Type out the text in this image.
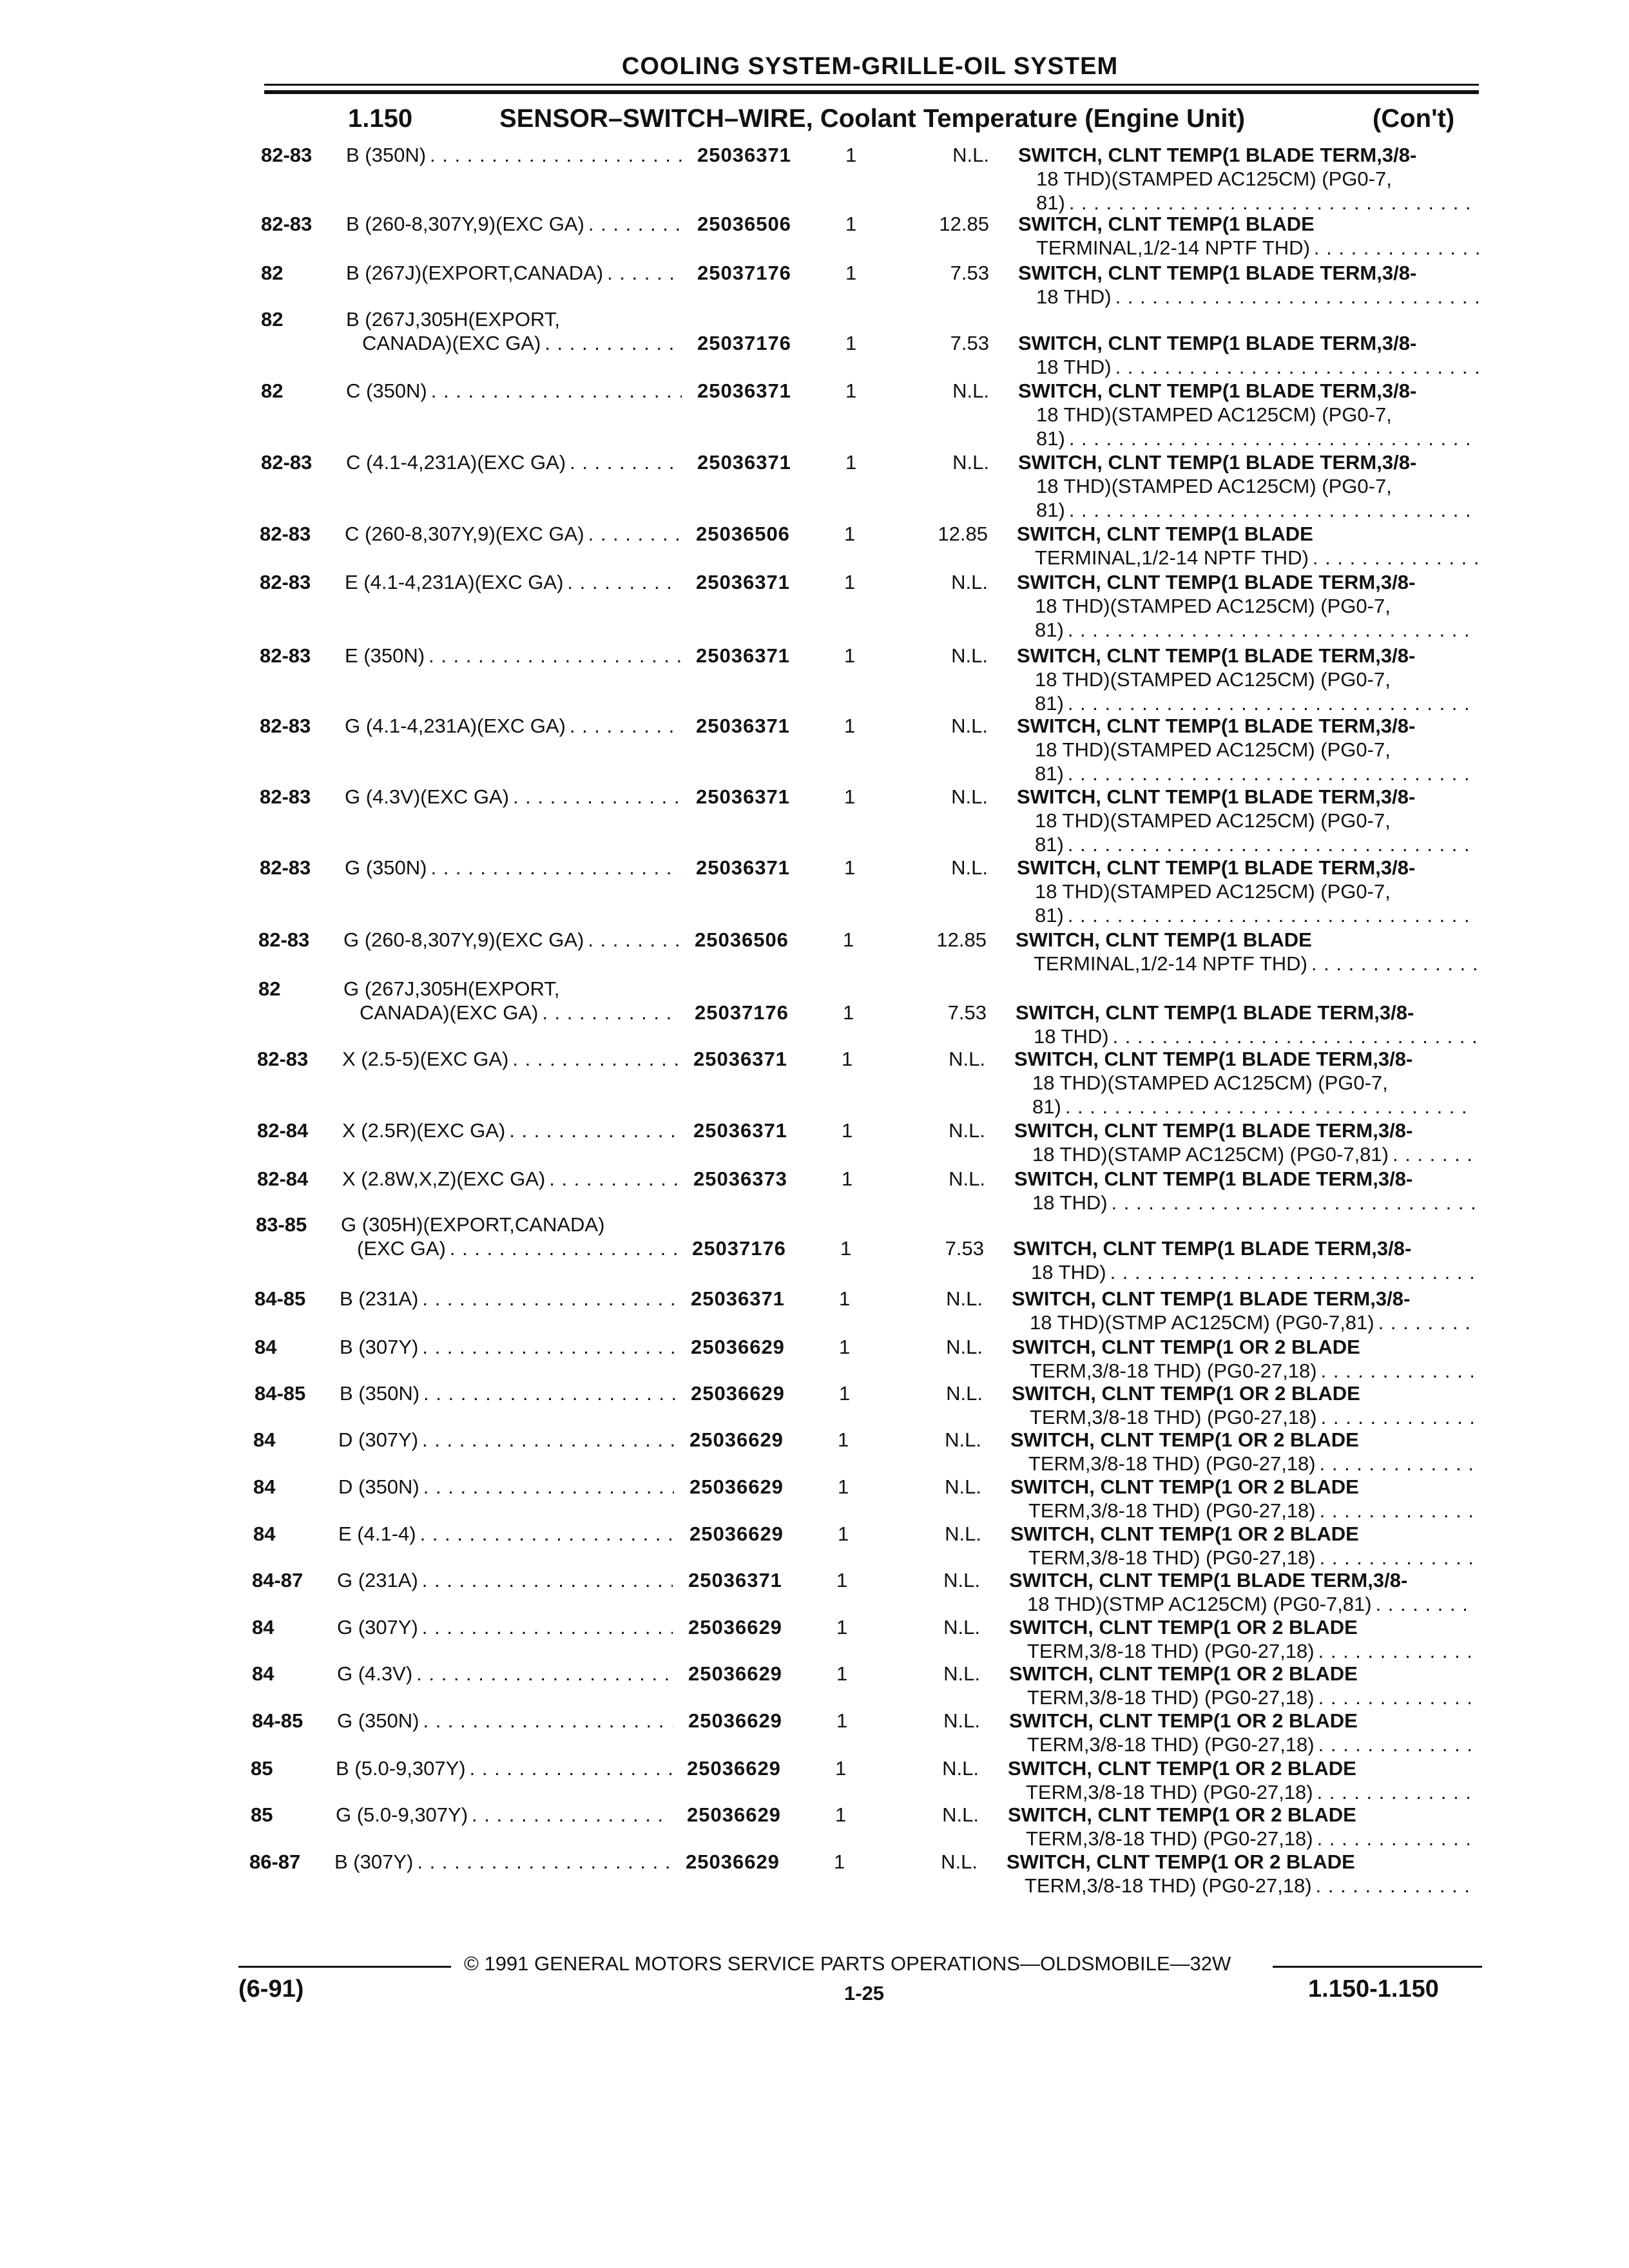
COOLING SYSTEM-GRILLE-OIL SYSTEM
1.150	SENSOR–SWITCH–WIRE, Coolant Temperature (Engine Unit)	(Con't)
82-83	B (350N) . . .	25036371	1	N.L. SWITCH, CLNT TEMP(1 BLADE TERM,3/8-
18 THD)(STAMPED AC125CM) (PG0-7,
81)
. . .
82-83	B (260-8,307Y,9)(EXC GA) . . .	25036506	1	12.85 SWITCH, CLNT TEMP(1 BLADE
TERMINAL,1/2-14 NPTF THD)
. . .
82	B (267J)(EXPORT,CANADA) . . .	25037176	1	7.53 SWITCH, CLNT TEMP(1 BLADE TERM,3/8-
18 THD)
. . .
82	B (267J,305H(EXPORT,
CANADA)(EXC GA) . . .	25037176	1	7.53 SWITCH, CLNT TEMP(1 BLADE TERM,3/8-
18 THD)
. . .
82	C (350N) . . .	25036371	1	N.L. SWITCH, CLNT TEMP(1 BLADE TERM,3/8-
18 THD)(STAMPED AC125CM) (PG0-7,
81)
. . .
82-83	C (4.1-4,231A)(EXC GA) . . .	25036371	1	N.L. SWITCH, CLNT TEMP(1 BLADE TERM,3/8-
18 THD)(STAMPED AC125CM) (PG0-7,
81)
. . .
82-83	C (260-8,307Y,9)(EXC GA) . . .	25036506	1	12.85 SWITCH, CLNT TEMP(1 BLADE
TERMINAL,1/2-14 NPTF THD)
. . .
82-83	E (4.1-4,231A)(EXC GA) . . .	25036371	1	N.L. SWITCH, CLNT TEMP(1 BLADE TERM,3/8-
18 THD)(STAMPED AC125CM) (PG0-7,
81)
. . .
82-83	E (350N) . . .	25036371	1	N.L. SWITCH, CLNT TEMP(1 BLADE TERM,3/8-
18 THD)(STAMPED AC125CM) (PG0-7,
81)
. . .
82-83	G (4.1-4,231A)(EXC GA) . . .	25036371	1	N.L. SWITCH, CLNT TEMP(1 BLADE TERM,3/8-
18 THD)(STAMPED AC125CM) (PG0-7,
81)
. . .
82-83	G (4.3V)(EXC GA) . . .	25036371	1	N.L. SWITCH, CLNT TEMP(1 BLADE TERM,3/8-
18 THD)(STAMPED AC125CM) (PG0-7,
81)
. . .
82-83	G (350N) . . .	25036371	1	N.L. SWITCH, CLNT TEMP(1 BLADE TERM,3/8-
18 THD)(STAMPED AC125CM) (PG0-7,
81)
. . .
82-83	G (260-8,307Y,9)(EXC GA) . . .	25036506	1	12.85 SWITCH, CLNT TEMP(1 BLADE
TERMINAL,1/2-14 NPTF THD)
. . .
82	G (267J,305H(EXPORT,
CANADA)(EXC GA) . . .	25037176	1	7.53 SWITCH, CLNT TEMP(1 BLADE TERM,3/8-
18 THD)
. . .
82-83	X (2.5-5)(EXC GA) . . .	25036371	1	N.L. SWITCH, CLNT TEMP(1 BLADE TERM,3/8-
18 THD)(STAMPED AC125CM) (PG0-7,
81)
. . .
82-84	X (2.5R)(EXC GA) . . .	25036371	1	N.L. SWITCH, CLNT TEMP(1 BLADE TERM,3/8-
18 THD)(STAMP AC125CM) (PG0-7,81)
. . .
82-84	X (2.8W,X,Z)(EXC GA) . . .	25036373	1	N.L. SWITCH, CLNT TEMP(1 BLADE TERM,3/8-
18 THD)
. . .
83-85	G (305H)(EXPORT,CANADA)
(EXC GA) . . .	25037176	1	7.53 SWITCH, CLNT TEMP(1 BLADE TERM,3/8-
18 THD)
. . .
84-85	B (231A) . . .	25036371	1	N.L. SWITCH, CLNT TEMP(1 BLADE TERM,3/8-
18 THD)(STMP AC125CM) (PG0-7,81)
. . .
84	B (307Y) . . .	25036629	1	N.L. SWITCH, CLNT TEMP(1 OR 2 BLADE
TERM,3/8-18 THD) (PG0-27,18)
. . .
84-85	B (350N) . . .	25036629	1	N.L. SWITCH, CLNT TEMP(1 OR 2 BLADE
TERM,3/8-18 THD) (PG0-27,18)
. . .
84	D (307Y) . . .	25036629	1	N.L. SWITCH, CLNT TEMP(1 OR 2 BLADE
TERM,3/8-18 THD) (PG0-27,18)
. . .
84	D (350N) . . .	25036629	1	N.L. SWITCH, CLNT TEMP(1 OR 2 BLADE
TERM,3/8-18 THD) (PG0-27,18)
. . .
84	E (4.1-4) . . .	25036629	1	N.L. SWITCH, CLNT TEMP(1 OR 2 BLADE
TERM,3/8-18 THD) (PG0-27,18)
. . .
84-87	G (231A) . . .	25036371	1	N.L. SWITCH, CLNT TEMP(1 BLADE TERM,3/8-
18 THD)(STMP AC125CM) (PG0-7,81)
. . .
84	G (307Y) . . .	25036629	1	N.L. SWITCH, CLNT TEMP(1 OR 2 BLADE
TERM,3/8-18 THD) (PG0-27,18)
. . .
84	G (4.3V) . . .	25036629	1	N.L. SWITCH, CLNT TEMP(1 OR 2 BLADE
TERM,3/8-18 THD) (PG0-27,18)
. . .
84-85	G (350N) . . .	25036629	1	N.L. SWITCH, CLNT TEMP(1 OR 2 BLADE
TERM,3/8-18 THD) (PG0-27,18)
. . .
85	B (5.0-9,307Y) . . .	25036629	1	N.L. SWITCH, CLNT TEMP(1 OR 2 BLADE
TERM,3/8-18 THD) (PG0-27,18)
. . .
85	G (5.0-9,307Y) . . .	25036629	1	N.L. SWITCH, CLNT TEMP(1 OR 2 BLADE
TERM,3/8-18 THD) (PG0-27,18)
. . .
86-87	B (307Y) . . .	25036629	1	N.L. SWITCH, CLNT TEMP(1 OR 2 BLADE
TERM,3/8-18 THD) (PG0-27,18)
. . .
© 1991 GENERAL MOTORS SERVICE PARTS OPERATIONS—OLDSMOBILE—32W
(6-91)	1-25	1.150-1.150
